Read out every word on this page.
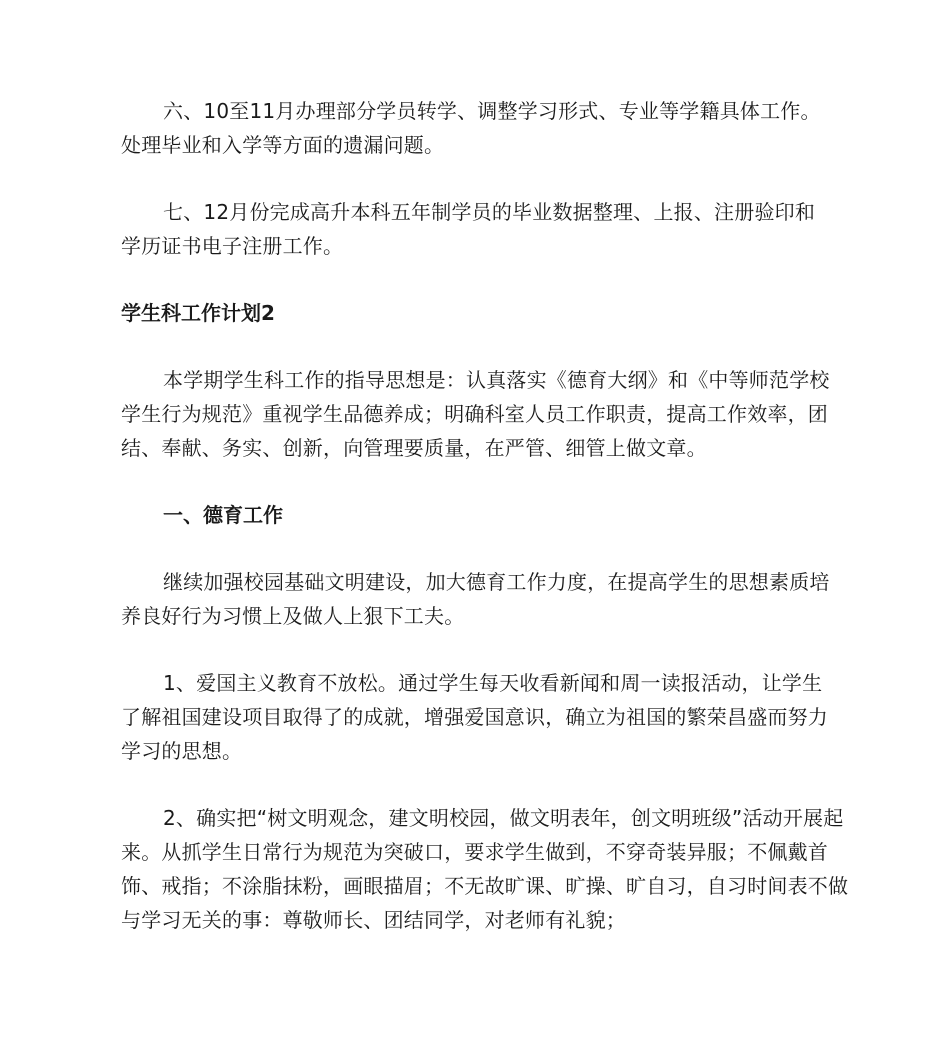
六、10至11月办理部分学员转学、调整学习形式、专业等学籍具体工作。处理毕业和入学等方面的遗漏问题。

七、12月份完成高升本科五年制学员的毕业数据整理、上报、注册验印和学历证书电子注册工作。

学生科工作计划2

本学期学生科工作的指导思想是：认真落实《德育大纲》和《中等师范学校学生行为规范》重视学生品德养成；明确科室人员工作职责，提高工作效率，团结、奉献、务实、创新，向管理要质量，在严管、细管上做文章。

一、德育工作

继续加强校园基础文明建设，加大德育工作力度，在提高学生的思想素质培养良好行为习惯上及做人上狠下工夫。

1、爱国主义教育不放松。通过学生每天收看新闻和周一读报活动，让学生了解祖国建设项目取得了的成就，增强爱国意识，确立为祖国的繁荣昌盛而努力学习的思想。

2、确实把“树文明观念，建文明校园，做文明表年，创文明班级”活动开展起来。从抓学生日常行为规范为突破口，要求学生做到，不穿奇装异服；不佩戴首饰、戒指；不涂脂抹粉，画眼描眉；不无故旷课、旷操、旷自习，自习时间表不做与学习无关的事：尊敬师长、团结同学，对老师有礼貌；
